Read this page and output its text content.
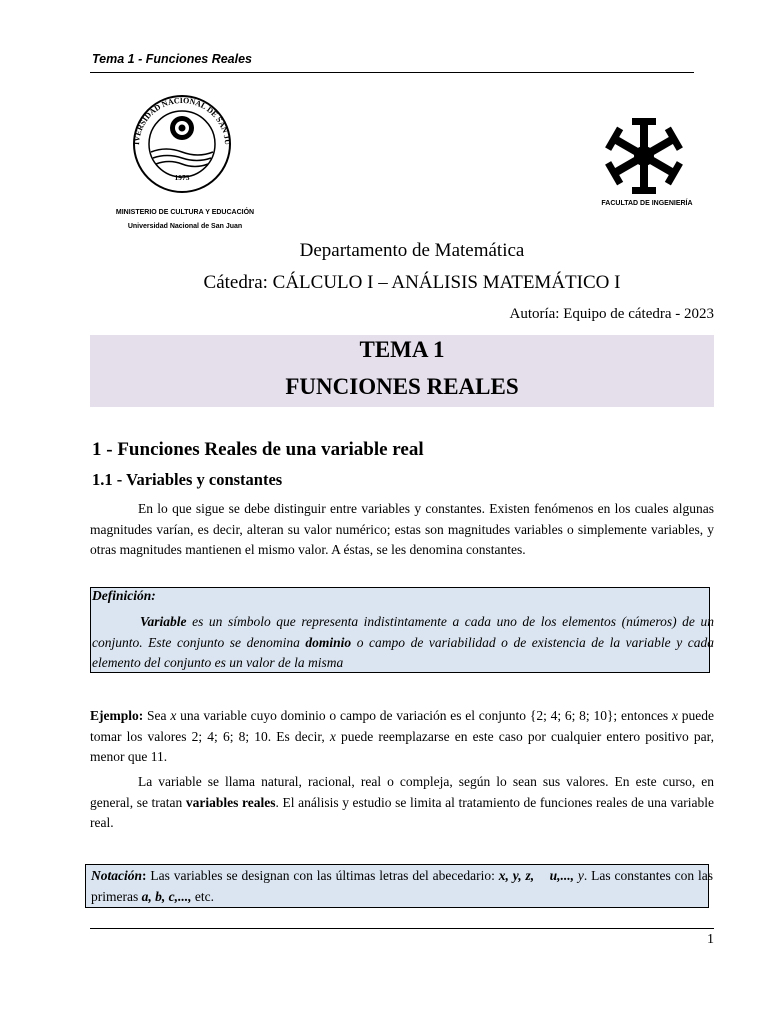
Tema 1 - Funciones Reales
IVERSIDAD NACIONAL DE SAN JU
1973
MINISTERIO DE CULTURA Y EDUCACIÓN
Universidad Nacional de San Juan
FACULTAD DE INGENIERÍA
Departamento de Matemática
Cátedra: CÁLCULO I – ANÁLISIS MATEMÁTICO I
Autoría: Equipo de cátedra - 2023
TEMA 1
FUNCIONES REALES
1 - Funciones Reales de una variable real
1.1 - Variables y constantes
En lo que sigue se debe distinguir entre variables y constantes. Existen fenómenos en los cuales algunas magnitudes varían, es decir, alteran su valor numérico; estas son magnitudes variables o simplemente variables, y otras magnitudes mantienen el mismo valor. A éstas, se les denomina constantes.
Definición:
Variable es un símbolo que representa indistintamente a cada uno de los elementos (números) de un conjunto. Este conjunto se denomina dominio o campo de variabilidad o de existencia de la variable y cada elemento del conjunto es un valor de la misma
Ejemplo: Sea x una variable cuyo dominio o campo de variación es el conjunto {2; 4; 6; 8; 10}; entonces x puede tomar los valores 2; 4; 6; 8; 10. Es decir, x puede reemplazarse en este caso por cualquier entero positivo par, menor que 11.
La variable se llama natural, racional, real o compleja, según lo sean sus valores. En este curso, en general, se tratan variables reales. El análisis y estudio se limita al tratamiento de funciones reales de una variable real.
Notación: Las variables se designan con las últimas letras del abecedario: x, y, z, u,..., y. Las constantes con las primeras a, b, c,..., etc.
1
